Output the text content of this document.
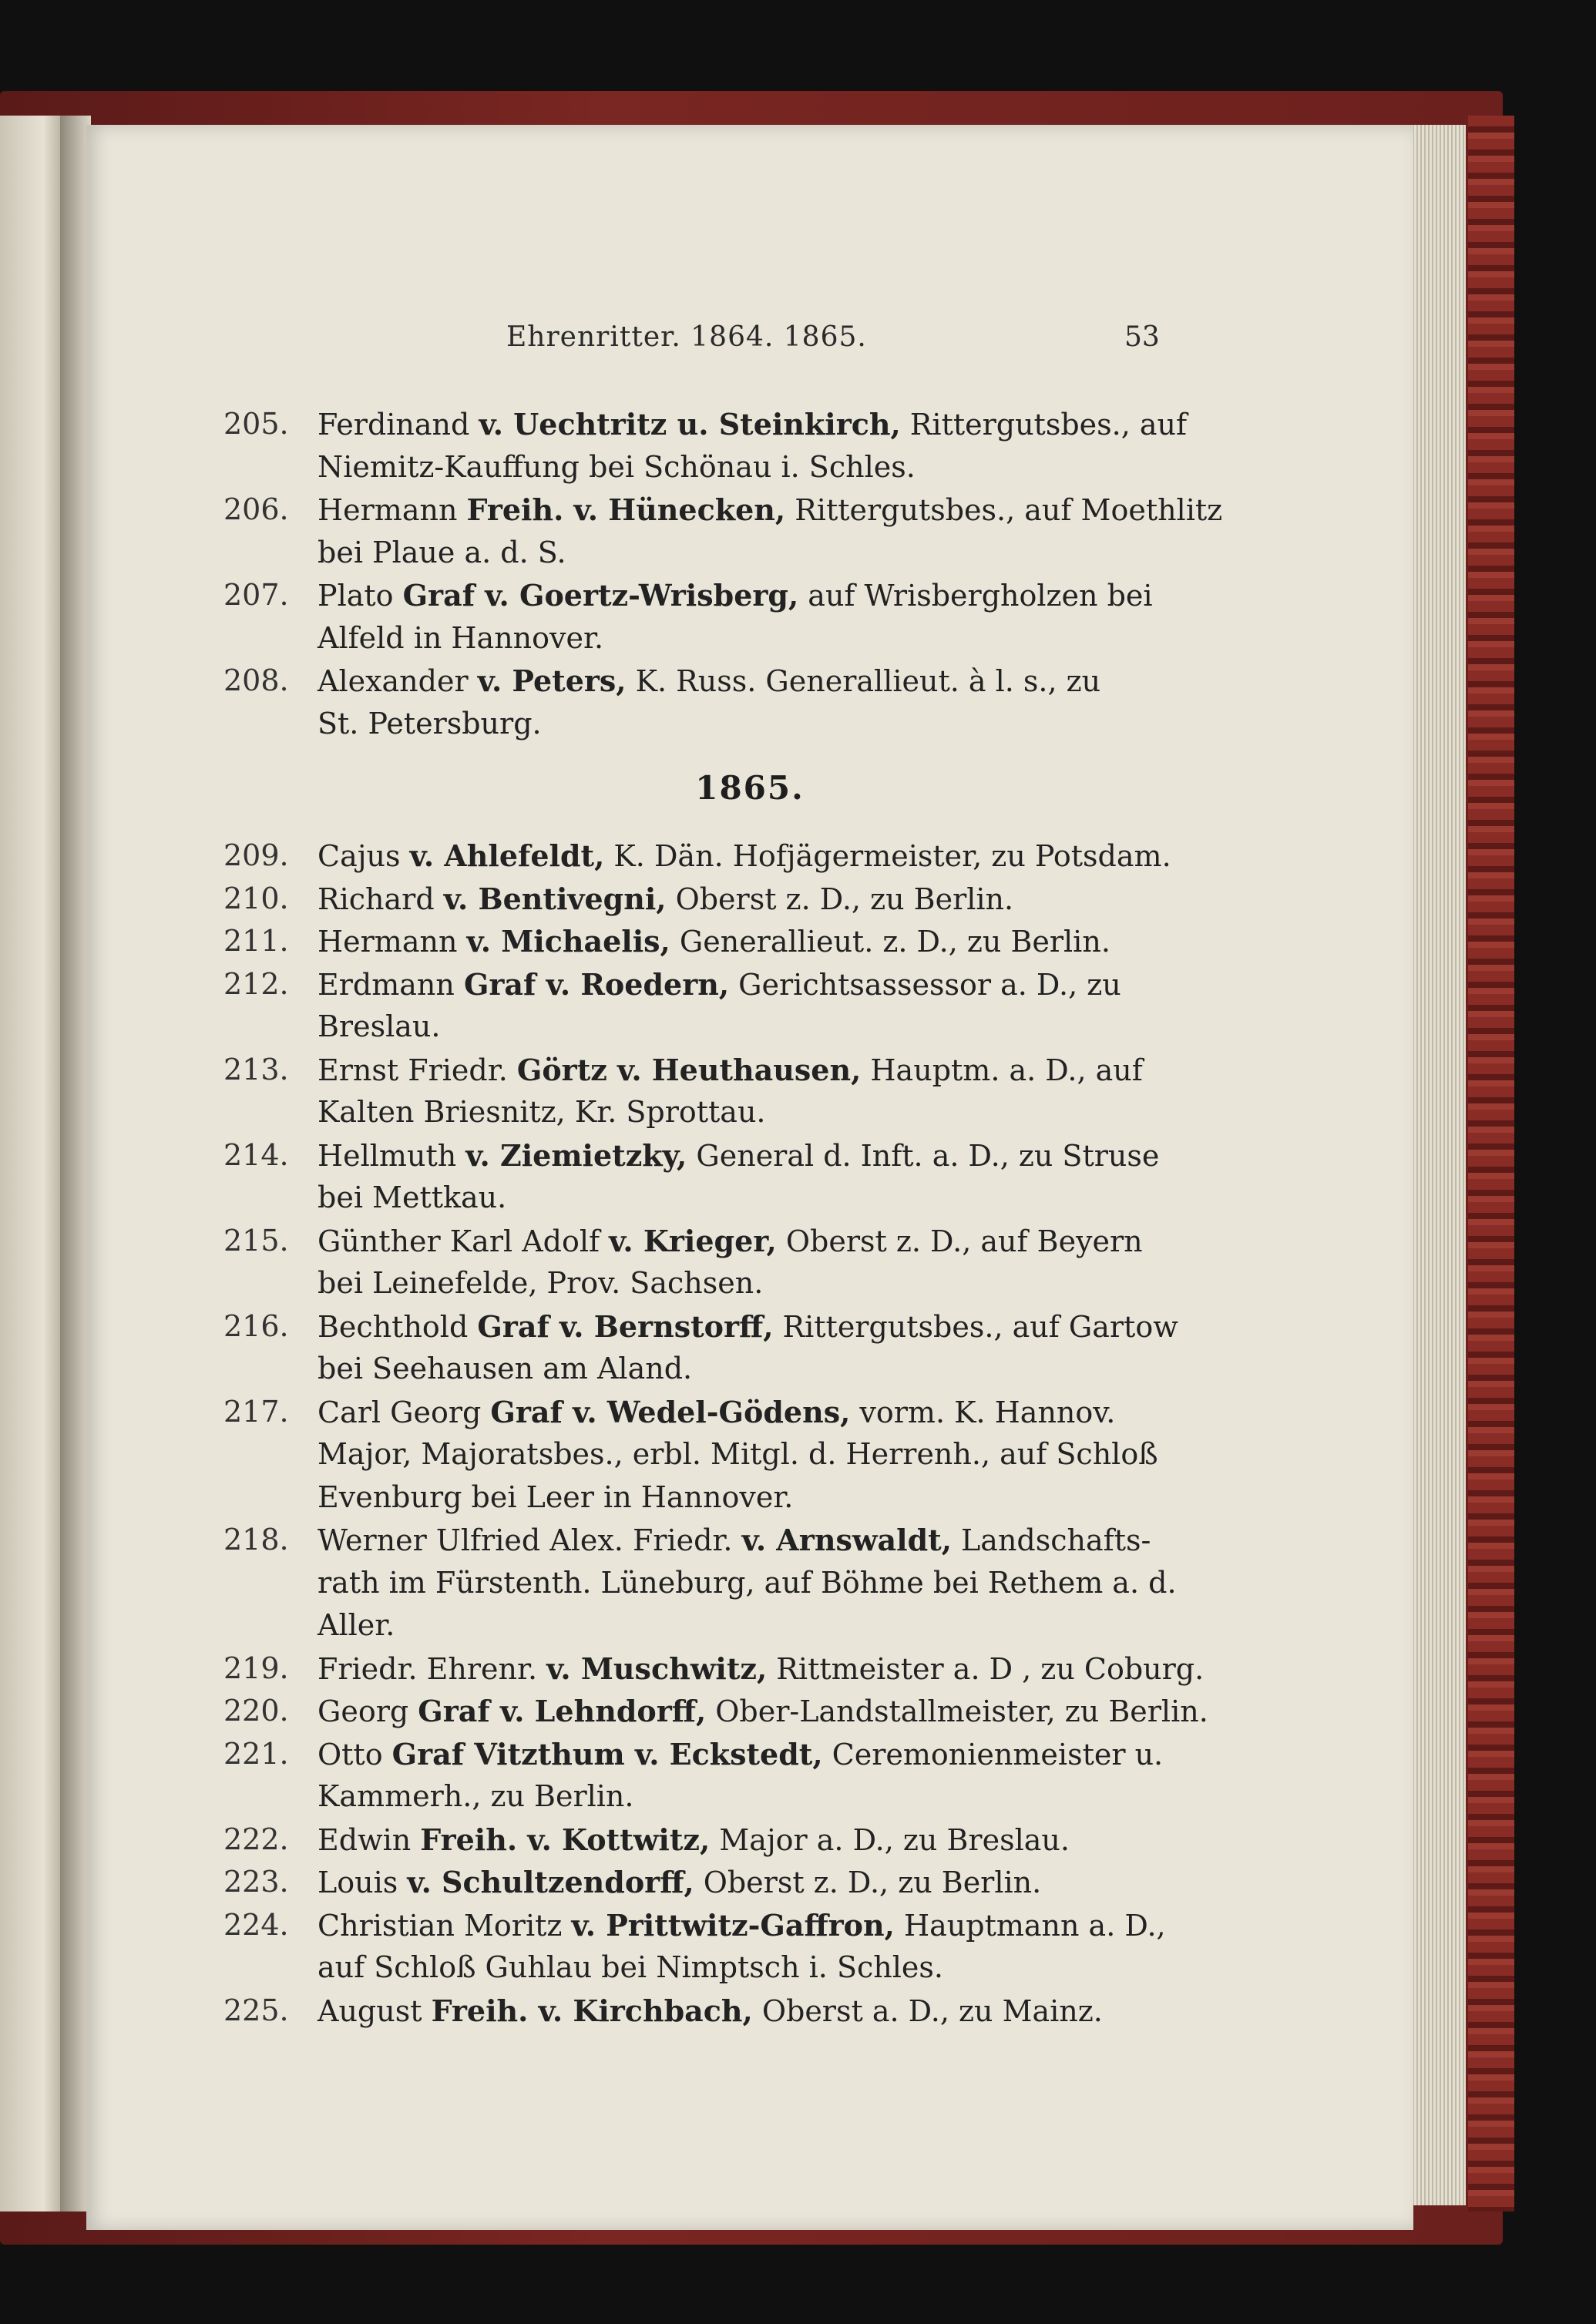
Ehrenritter. 1864. 1865.	53
205. Ferdinand v. Uechtritz u. Steinkirch, Rittergutsbes., auf
Niemitz-Kauffung bei Schönau i. Schles.
206. Hermann Freih. v. Hünecken, Rittergutsbes., auf Moethlitz
bei Plaue a. d. S.
207. Plato Graf v. Goertz-Wrisberg, auf Wrisbergholzen bei
Alfeld in Hannover.
208. Alexander v. Peters, K. Russ. Generallieut. à l. s., zu
St. Petersburg.
1865.
209. Cajus v. Ahlefeldt, K. Dän. Hofjägermeister, zu Potsdam.
210. Richard v. Bentivegni, Oberst z. D., zu Berlin.
211. Hermann v. Michaelis, Generallieut. z. D., zu Berlin.
212. Erdmann Graf v. Roedern, Gerichtsassessor a. D., zu
Breslau.
213. Ernst Friedr. Görtz v. Heuthausen, Hauptm. a. D., auf
Kalten Briesnitz, Kr. Sprottau.
214. Hellmuth v. Ziemietzky, General d. Inft. a. D., zu Struse
bei Mettkau.
215. Günther Karl Adolf v. Krieger, Oberst z. D., auf Beyern
bei Leinefelde, Prov. Sachsen.
216. Bechthold Graf v. Bernstorff, Rittergutsbes., auf Gartow
bei Seehausen am Aland.
217. Carl Georg Graf v. Wedel-Gödens, vorm. K. Hannov.
Major, Majoratsbes., erbl. Mitgl. d. Herrenh., auf Schloß
Evenburg bei Leer in Hannover.
218. Werner Ulfried Alex. Friedr. v. Arnswaldt, Landschafts-
rath im Fürstenth. Lüneburg, auf Böhme bei Rethem a. d.
Aller.
219. Friedr. Ehrenr. v. Muschwitz, Rittmeister a. D , zu Coburg.
220. Georg Graf v. Lehndorff, Ober-Landstallmeister, zu Berlin.
221. Otto Graf Vitzthum v. Eckstedt, Ceremonienmeister u.
Kammerh., zu Berlin.
222. Edwin Freih. v. Kottwitz, Major a. D., zu Breslau.
223. Louis v. Schultzendorff, Oberst z. D., zu Berlin.
224. Christian Moritz v. Prittwitz-Gaffron, Hauptmann a. D.,
auf Schloß Guhlau bei Nimptsch i. Schles.
225. August Freih. v. Kirchbach, Oberst a. D., zu Mainz.
